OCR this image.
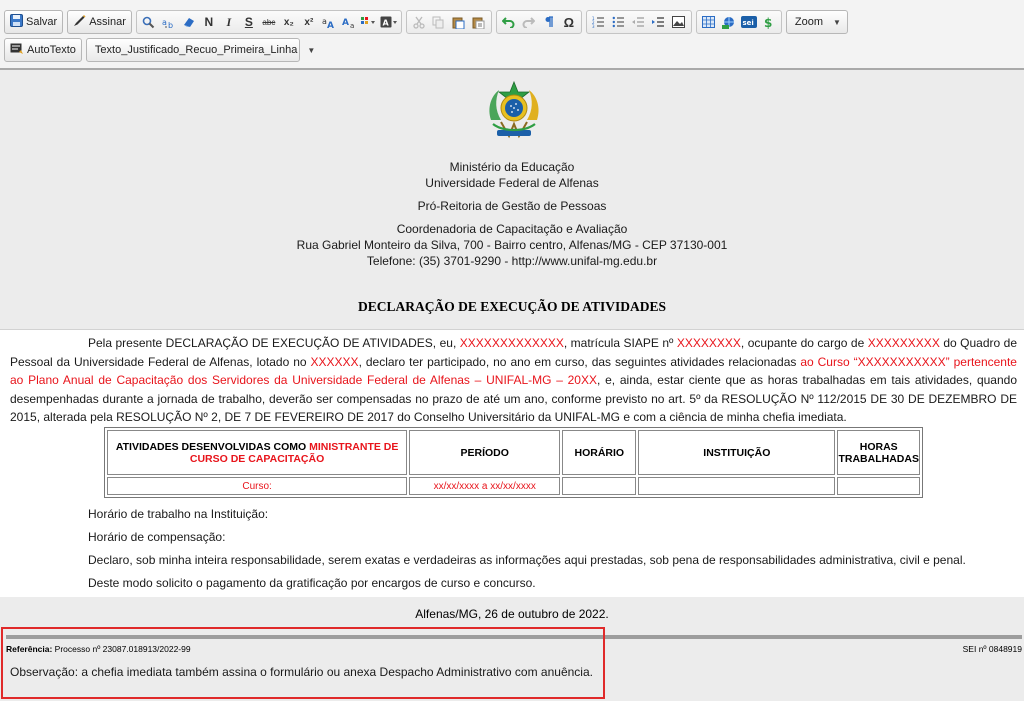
Salvar	Assinar	a b	N	I	S	abc x₂	x²	a A A a	A	Ω	1
2
3	sei $ Zoom ▼
AutoTexto Texto_Justificado_Recuo_Primeira_Linha ▼
Ministério da Educação
Universidade Federal de Alfenas
Pró-Reitoria de Gestão de Pessoas
Coordenadoria de Capacitação e Avaliação
Rua Gabriel Monteiro da Silva, 700 - Bairro centro, Alfenas/MG - CEP 37130-001
Telefone: (35) 3701-9290 - http://www.unifal-mg.edu.br
DECLARAÇÃO DE EXECUÇÃO DE ATIVIDADES

Pela presente DECLARAÇÃO DE EXECUÇÃO DE ATIVIDADES, eu, XXXXXXXXXXXXX, matrícula SIAPE nº XXXXXXXX, ocupante do cargo de XXXXXXXXX do Quadro de Pessoal da Universidade Federal de Alfenas, lotado no XXXXXX, declaro ter participado, no ano em curso, das seguintes atividades relacionadas ao Curso “XXXXXXXXXXX” pertencente ao Plano Anual de Capacitação dos Servidores da Universidade Federal de Alfenas – UNIFAL-MG – 20XX, e, ainda, estar ciente que as horas trabalhadas em tais atividades, quando desempenhadas durante a jornada de trabalho, deverão ser compensadas no prazo de até um ano, conforme previsto no art. 5º da RESOLUÇÃO Nº 112/2015 DE 30 DE DEZEMBRO DE 2015, alterada pela RESOLUÇÃO Nº 2, DE 7 DE FEVEREIRO DE 2017 do Conselho Universitário da UNIFAL-MG e com a ciência de minha chefia imediata.

ATIVIDADES DESENVOLVIDAS COMO MINISTRANTE DE CURSO DE CAPACITAÇÃO	PERÍODO	HORÁRIO	INSTITUIÇÃO	HORAS TRABALHADAS
Curso:	xx/xx/xxxx a xx/xx/xxxx			
Horário de trabalho na Instituição:
Horário de compensação:
Declaro, sob minha inteira responsabilidade, serem exatas e verdadeiras as informações aqui prestadas, sob pena de responsabilidades administrativa, civil e penal.
Deste modo solicito o pagamento da gratificação por encargos de curso e concurso.
Alfenas/MG, 26 de outubro de 2022.
Referência: Processo nº 23087.018913/2022-99	SEI nº 0848919
Observação: a chefia imediata também assina o formulário ou anexa Despacho Administrativo com anuência.
